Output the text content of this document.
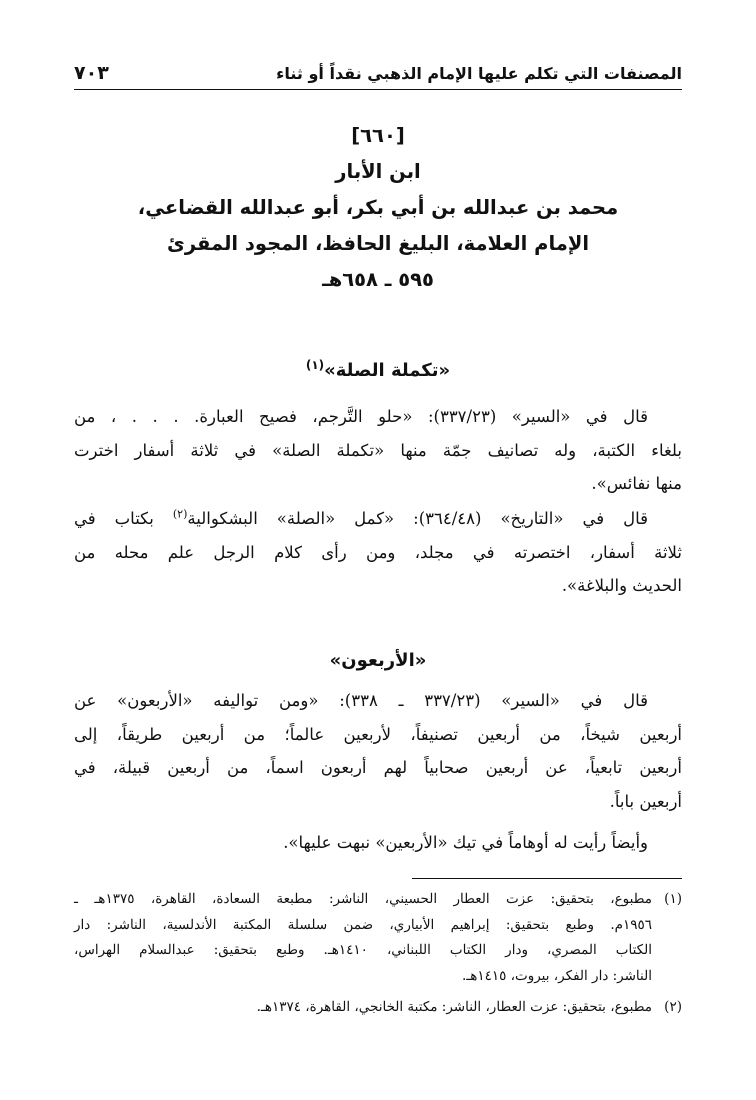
المصنفات التي تكلم عليها الإمام الذهبي نقداً أو ثناء
٧٠٣
[٦٦٠]
ابن الأبار
محمد بن عبدالله بن أبي بكر، أبو عبدالله القضاعي،
الإمام العلامة، البليغ الحافظ، المجود المقرئ
٥٩٥ ـ ٦٥٨هـ
«تكملة الصلة»$^{(١)}$
قال في «السير» (٣٣٧/٢٣): «حلو التَّرجم، فصيح العبارة. . . . ، من
بلغاء الكتبة، وله تصانيف جمّة منها «تكملة الصلة» في ثلاثة أسفار اخترت
منها نفائس».
قال في «التاريخ» (٣٦٤/٤٨): «كمل «الصلة» البشكوالية$^{(٢)}$ بكتاب في
ثلاثة أسفار، اختصرته في مجلد، ومن رأى كلام الرجل علم محله من
الحديث والبلاغة».
«الأربعون»
قال في «السير» (٣٣٧/٢٣ ـ ٣٣٨): «ومن تواليفه «الأربعون» عن
أربعين شيخاً، من أربعين تصنيفاً، لأربعين عالماً؛ من أربعين طريقاً، إلى
أربعين تابعياً، عن أربعين صحابياً لهم أربعون اسماً، من أربعين قبيلة، في
أربعين باباً.
وأيضاً رأيت له أوهاماً في تيك «الأربعين» نبهت عليها».
(١)
مطبوع، بتحقيق: عزت العطار الحسيني، الناشر: مطبعة السعادة، القاهرة، ١٣٧٥هـ ـ
١٩٥٦م. وطبع بتحقيق: إبراهيم الأبياري، ضمن سلسلة المكتبة الأندلسية، الناشر: دار
الكتاب المصري، ودار الكتاب اللبناني، ١٤١٠هـ. وطبع بتحقيق: عبدالسلام الهراس،
الناشر: دار الفكر، بيروت، ١٤١٥هـ.
(٢)
مطبوع، بتحقيق: عزت العطار، الناشر: مكتبة الخانجي، القاهرة، ١٣٧٤هـ.
